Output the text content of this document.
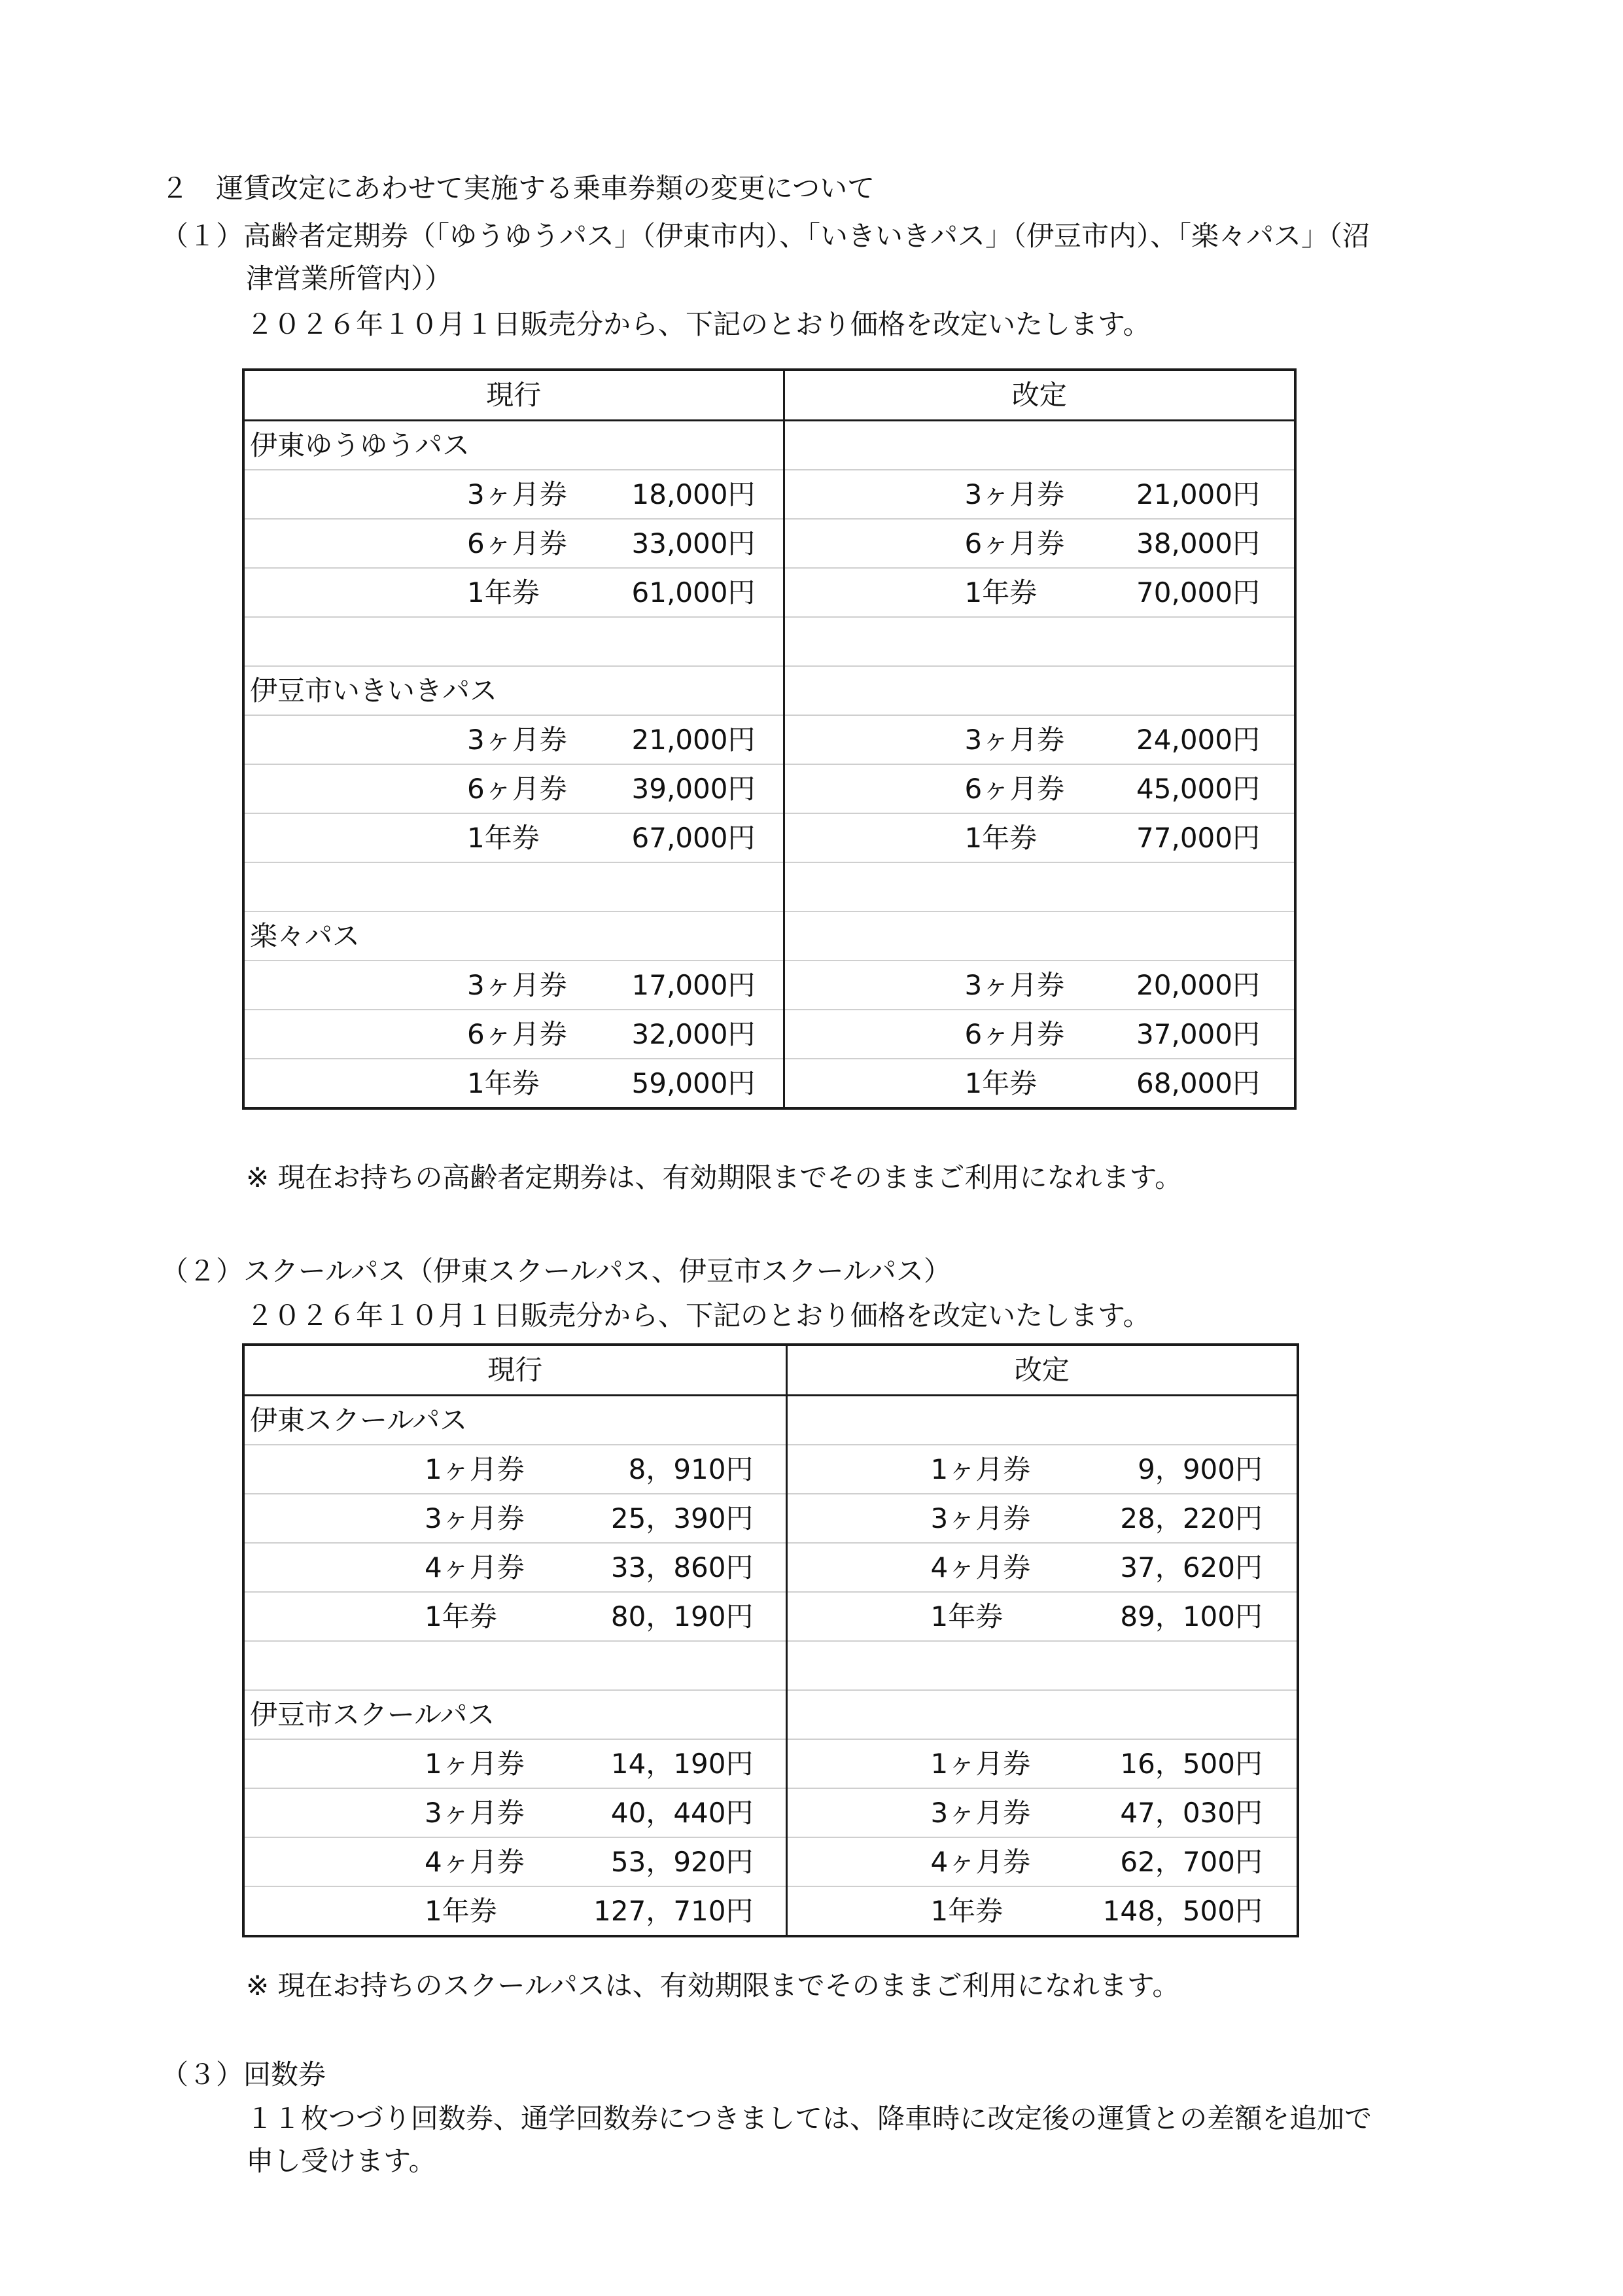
２　運賃改定にあわせて実施する乗車券類の変更について
（１）高齢者定期券（「ゆうゆうパス」（伊東市内）、「いきいきパス」（伊豆市内）、「楽々パス」（沼
津営業所管内））
２０２６年１０月１日販売分から、下記のとおり価格を改定いたします。
現行	改定
伊東ゆうゆうパス	

3ヶ月券 18,000円	3ヶ月券 21,000円

6ヶ月券 33,000円	6ヶ月券 38,000円

1年券 61,000円	1年券 70,000円

伊豆市いきいきパス	

3ヶ月券 21,000円	3ヶ月券 24,000円

6ヶ月券 39,000円	6ヶ月券 45,000円

1年券 67,000円	1年券 77,000円

楽々パス	

3ヶ月券 17,000円	3ヶ月券 20,000円

6ヶ月券 32,000円	6ヶ月券 37,000円

1年券 59,000円	1年券 68,000円
※ 現在お持ちの高齢者定期券は、有効期限までそのままご利用になれます。
（２）スクールパス（伊東スクールパス、伊豆市スクールパス）
２０２６年１０月１日販売分から、下記のとおり価格を改定いたします。
現行	改定
伊東スクールパス	

1ヶ月券 8，910円	1ヶ月券 9，900円

3ヶ月券 25，390円	3ヶ月券 28，220円

4ヶ月券 33，860円	4ヶ月券 37，620円

1年券 80，190円	1年券 89，100円

伊豆市スクールパス	

1ヶ月券 14，190円	1ヶ月券 16，500円

3ヶ月券 40，440円	3ヶ月券 47，030円

4ヶ月券 53，920円	4ヶ月券 62，700円

1年券 127，710円	1年券 148，500円
※ 現在お持ちのスクールパスは、有効期限までそのままご利用になれます。
（３）回数券
１１枚つづり回数券、通学回数券につきましては、降車時に改定後の運賃との差額を追加で
申し受けます。
